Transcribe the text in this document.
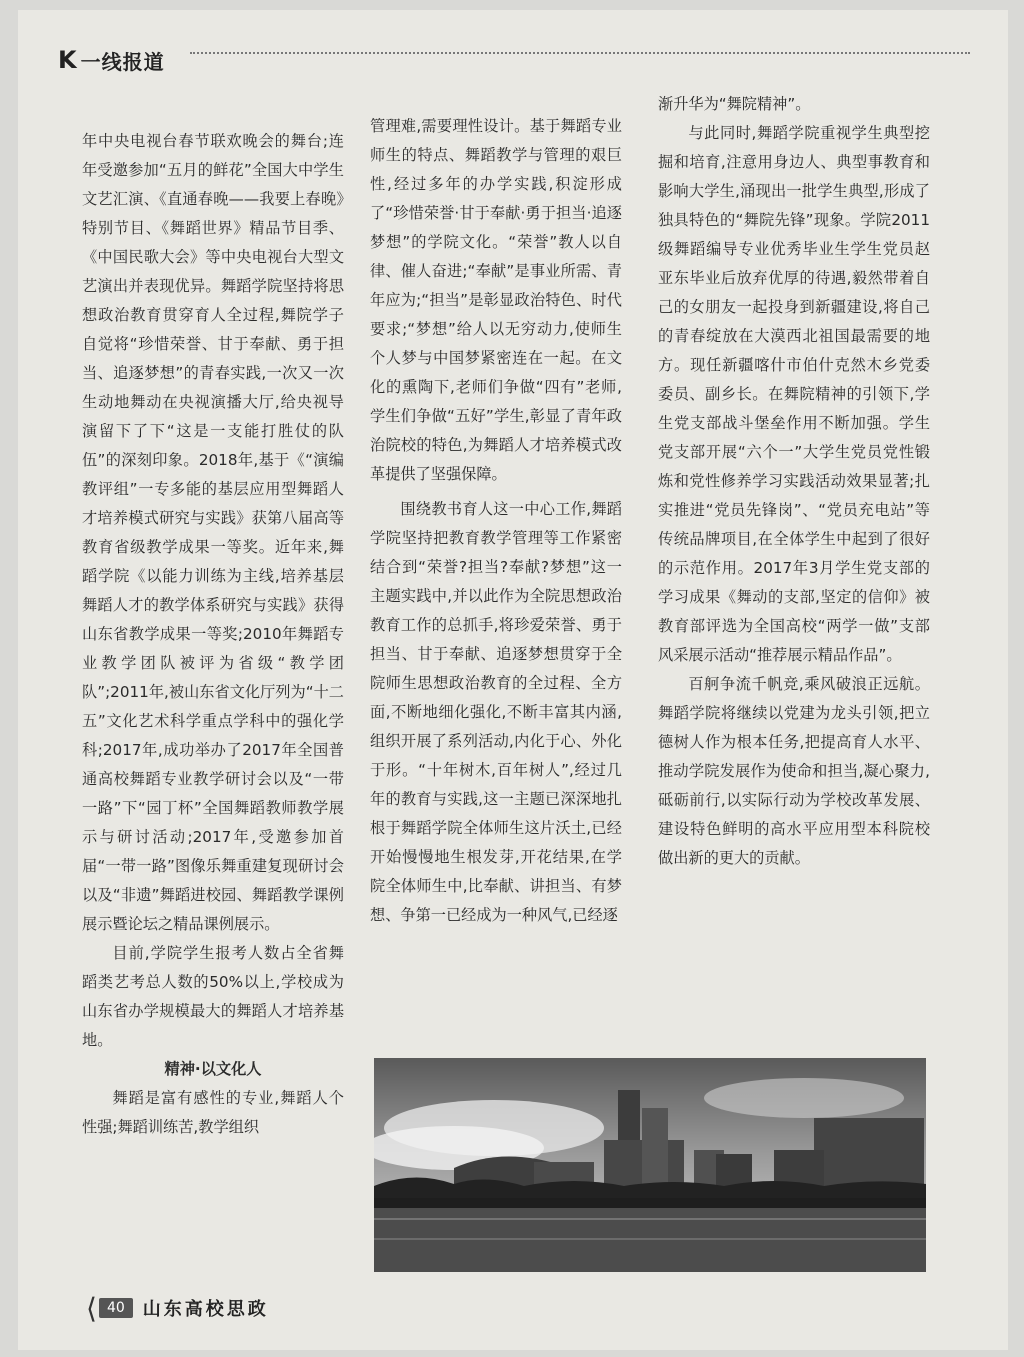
K 一线报道

年中央电视台春节联欢晚会的舞台;连年受邀参加“五月的鲜花”全国大中学生文艺汇演、《直通春晚——我要上春晚》特别节目、《舞蹈世界》精品节目季、《中国民歌大会》等中央电视台大型文艺演出并表现优异。舞蹈学院坚持将思想政治教育贯穿育人全过程,舞院学子自觉将“珍惜荣誉、甘于奉献、勇于担当、追逐梦想”的青春实践,一次又一次生动地舞动在央视演播大厅,给央视导演留下了下“这是一支能打胜仗的队伍”的深刻印象。2018年,基于《“演编教评组”一专多能的基层应用型舞蹈人才培养模式研究与实践》获第八届高等教育省级教学成果一等奖。近年来,舞蹈学院《以能力训练为主线,培养基层舞蹈人才的教学体系研究与实践》获得山东省教学成果一等奖;2010年舞蹈专业教学团队被评为省级“教学团队”;2011年,被山东省文化厅列为“十二五”文化艺术科学重点学科中的强化学科;2017年,成功举办了2017年全国普通高校舞蹈专业教学研讨会以及“一带一路”下“园丁杯”全国舞蹈教师教学展示与研讨活动;2017年,受邀参加首届“一带一路”图像乐舞重建复现研讨会以及“非遗”舞蹈进校园、舞蹈教学课例展示暨论坛之精品课例展示。

目前,学院学生报考人数占全省舞蹈类艺考总人数的50%以上,学校成为山东省办学规模最大的舞蹈人才培养基地。

精神·以文化人

舞蹈是富有感性的专业,舞蹈人个性强;舞蹈训练苦,教学组织

管理难,需要理性设计。基于舞蹈专业师生的特点、舞蹈教学与管理的艰巨性,经过多年的办学实践,积淀形成了“珍惜荣誉·甘于奉献·勇于担当·追逐梦想”的学院文化。“荣誉”教人以自律、催人奋进;“奉献”是事业所需、青年应为;“担当”是彰显政治特色、时代要求;“梦想”给人以无穷动力,使师生个人梦与中国梦紧密连在一起。在文化的熏陶下,老师们争做“四有”老师,学生们争做“五好”学生,彰显了青年政治院校的特色,为舞蹈人才培养模式改革提供了坚强保障。

围绕教书育人这一中心工作,舞蹈学院坚持把教育教学管理等工作紧密结合到“荣誉?担当?奉献?梦想”这一主题实践中,并以此作为全院思想政治教育工作的总抓手,将珍爱荣誉、勇于担当、甘于奉献、追逐梦想贯穿于全院师生思想政治教育的全过程、全方面,不断地细化强化,不断丰富其内涵,组织开展了系列活动,内化于心、外化于形。“十年树木,百年树人”,经过几年的教育与实践,这一主题已深深地扎根于舞蹈学院全体师生这片沃土,已经开始慢慢地生根发芽,开花结果,在学院全体师生中,比奉献、讲担当、有梦想、争第一已经成为一种风气,已经逐

渐升华为“舞院精神”。

与此同时,舞蹈学院重视学生典型挖掘和培育,注意用身边人、典型事教育和影响大学生,涌现出一批学生典型,形成了独具特色的“舞院先锋”现象。学院2011级舞蹈编导专业优秀毕业生学生党员赵亚东毕业后放弃优厚的待遇,毅然带着自己的女朋友一起投身到新疆建设,将自己的青春绽放在大漠西北祖国最需要的地方。现任新疆喀什市伯什克然木乡党委委员、副乡长。在舞院精神的引领下,学生党支部战斗堡垒作用不断加强。学生党支部开展“六个一”大学生党员党性锻炼和党性修养学习实践活动效果显著;扎实推进“党员先锋岗”、“党员充电站”等传统品牌项目,在全体学生中起到了很好的示范作用。2017年3月学生党支部的学习成果《舞动的支部,坚定的信仰》被教育部评选为全国高校“两学一做”支部风采展示活动“推荐展示精品作品”。

百舸争流千帆竞,乘风破浪正远航。舞蹈学院将继续以党建为龙头引领,把立德树人作为根本任务,把提高育人水平、推动学院发展作为使命和担当,凝心聚力,砥砺前行,以实际行动为学校改革发展、建设特色鲜明的高水平应用型本科院校做出新的更大的贡献。

⟨ 40	山东高校思政
